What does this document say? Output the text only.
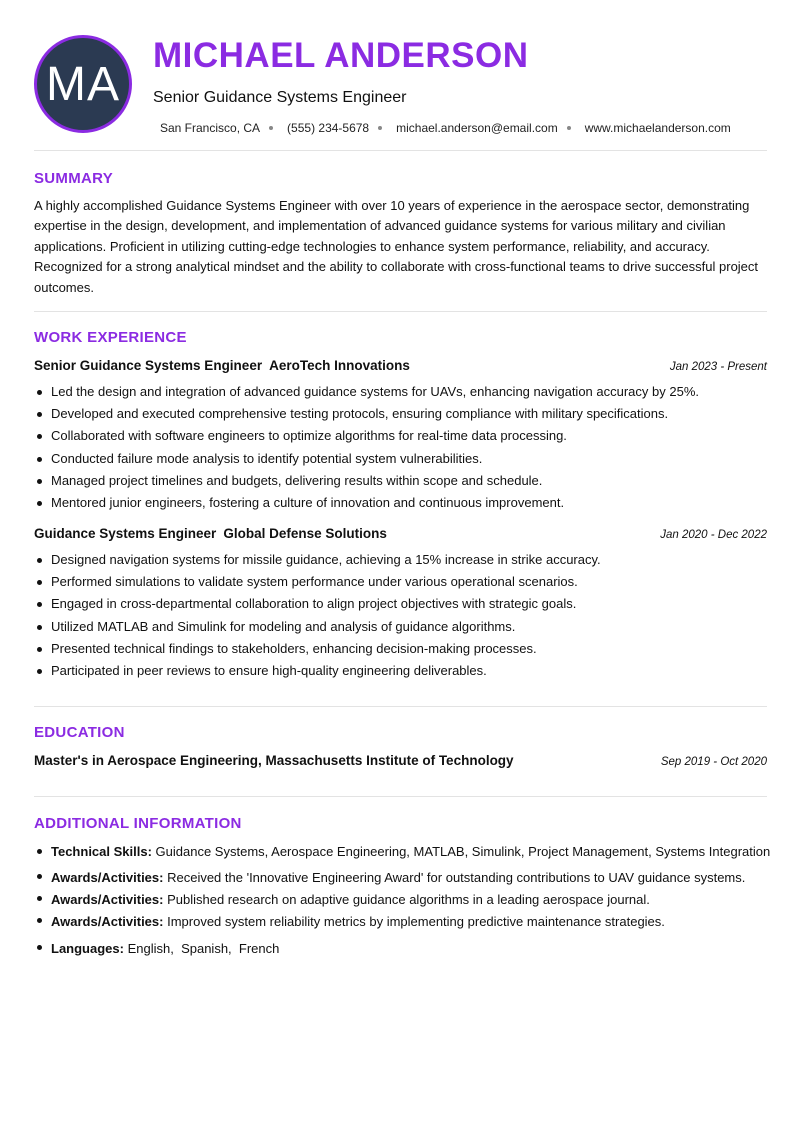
MA
MICHAEL ANDERSON
Senior Guidance Systems Engineer
San Francisco, CA (555) 234-5678 michael.anderson@email.com www.michaelanderson.com
SUMMARY

A highly accomplished Guidance Systems Engineer with over 10 years of experience in the aerospace sector, demonstrating expertise in the design, development, and implementation of advanced guidance systems for various military and civilian applications. Proficient in utilizing cutting-edge technologies to enhance system performance, reliability, and accuracy. Recognized for a strong analytical mindset and the ability to collaborate with cross-functional teams to drive successful project outcomes.

WORK EXPERIENCE
Senior Guidance Systems Engineer AeroTech Innovations	Jan 2023 - Present
Led the design and integration of advanced guidance systems for UAVs, enhancing navigation accuracy by 25%.
Developed and executed comprehensive testing protocols, ensuring compliance with military specifications.
Collaborated with software engineers to optimize algorithms for real-time data processing.
Conducted failure mode analysis to identify potential system vulnerabilities.
Managed project timelines and budgets, delivering results within scope and schedule.
Mentored junior engineers, fostering a culture of innovation and continuous improvement.
Guidance Systems Engineer Global Defense Solutions	Jan 2020 - Dec 2022
Designed navigation systems for missile guidance, achieving a 15% increase in strike accuracy.
Performed simulations to validate system performance under various operational scenarios.
Engaged in cross-departmental collaboration to align project objectives with strategic goals.
Utilized MATLAB and Simulink for modeling and analysis of guidance algorithms.
Presented technical findings to stakeholders, enhancing decision-making processes.
Participated in peer reviews to ensure high-quality engineering deliverables.
EDUCATION
Master's in Aerospace Engineering, Massachusetts Institute of Technology	Sep 2019 - Oct 2020
ADDITIONAL INFORMATION
Technical Skills: Guidance Systems, Aerospace Engineering, MATLAB, Simulink, Project Management, Systems Integration
Awards/Activities: Received the 'Innovative Engineering Award' for outstanding contributions to UAV guidance systems.
Awards/Activities: Published research on adaptive guidance algorithms in a leading aerospace journal.
Awards/Activities: Improved system reliability metrics by implementing predictive maintenance strategies.
Languages: English,  Spanish,  French
